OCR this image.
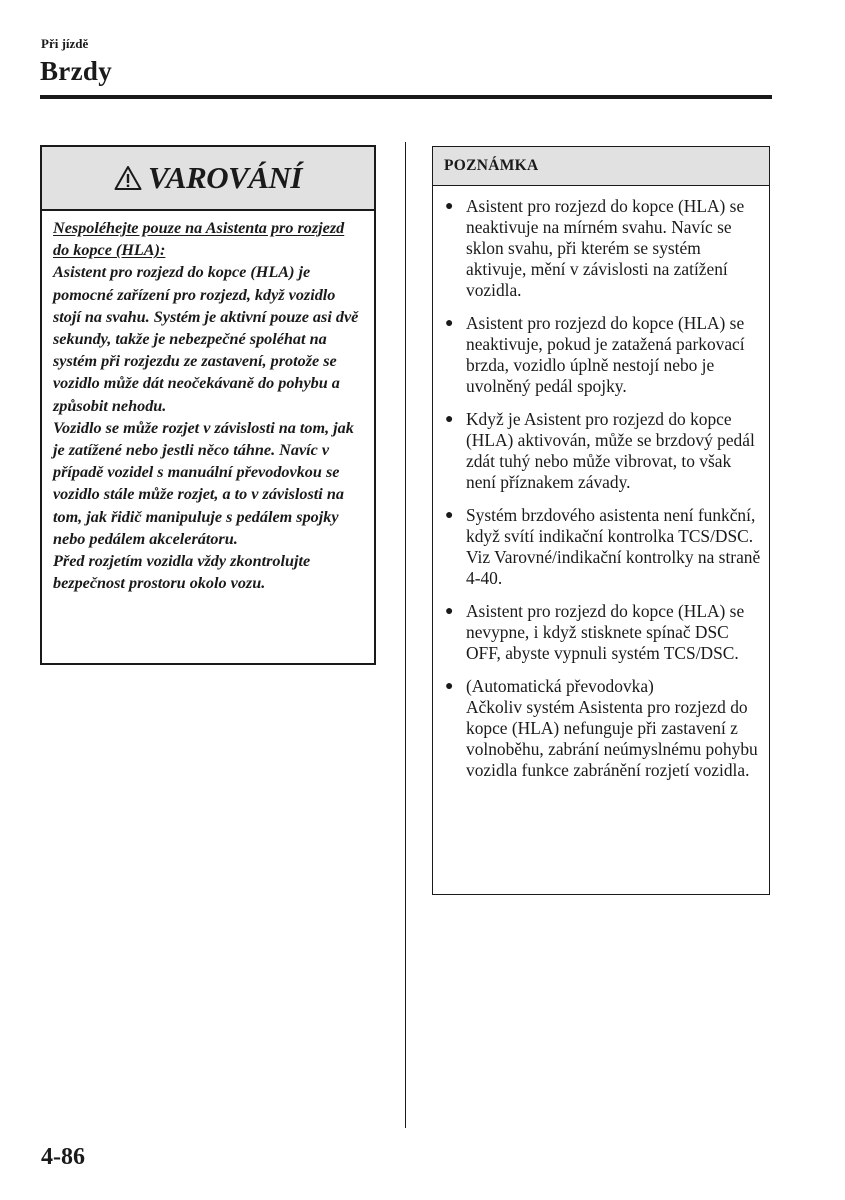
Při jízdě
Brzdy
VAROVÁNÍ
Nespoléhejte pouze na Asistenta pro rozjezd do kopce (HLA):
Asistent pro rozjezd do kopce (HLA) je pomocné zařízení pro rozjezd, když vozidlo stojí na svahu. Systém je aktivní pouze asi dvě sekundy, takže je nebezpečné spoléhat na systém při rozjezdu ze zastavení, protože se vozidlo může dát neočekávaně do pohybu a způsobit nehodu.
Vozidlo se může rozjet v závislosti na tom, jak je zatížené nebo jestli něco táhne. Navíc v případě vozidel s manuální převodovkou se vozidlo stále může rozjet, a to v závislosti na tom, jak řidič manipuluje s pedálem spojky nebo pedálem akcelerátoru.
Před rozjetím vozidla vždy zkontrolujte bezpečnost prostoru okolo vozu.
POZNÁMKA
● Asistent pro rozjezd do kopce (HLA) se neaktivuje na mírném svahu. Navíc se sklon svahu, při kterém se systém aktivuje, mění v závislosti na zatížení vozidla.
● Asistent pro rozjezd do kopce (HLA) se neaktivuje, pokud je zatažená parkovací brzda, vozidlo úplně nestojí nebo je uvolněný pedál spojky.
● Když je Asistent pro rozjezd do kopce (HLA) aktivován, může se brzdový pedál zdát tuhý nebo může vibrovat, to však není příznakem závady.
● Systém brzdového asistenta není funkční, když svítí indikační kontrolka TCS/DSC.
Viz Varovné/indikační kontrolky na straně 4-40.
● Asistent pro rozjezd do kopce (HLA) se nevypne, i když stisknete spínač DSC OFF, abyste vypnuli systém TCS/DSC.
● (Automatická převodovka)
Ačkoliv systém Asistenta pro rozjezd do kopce (HLA) nefunguje při zastavení z volnoběhu, zabrání neúmyslnému pohybu vozidla funkce zabránění rozjetí vozidla.
4-86
